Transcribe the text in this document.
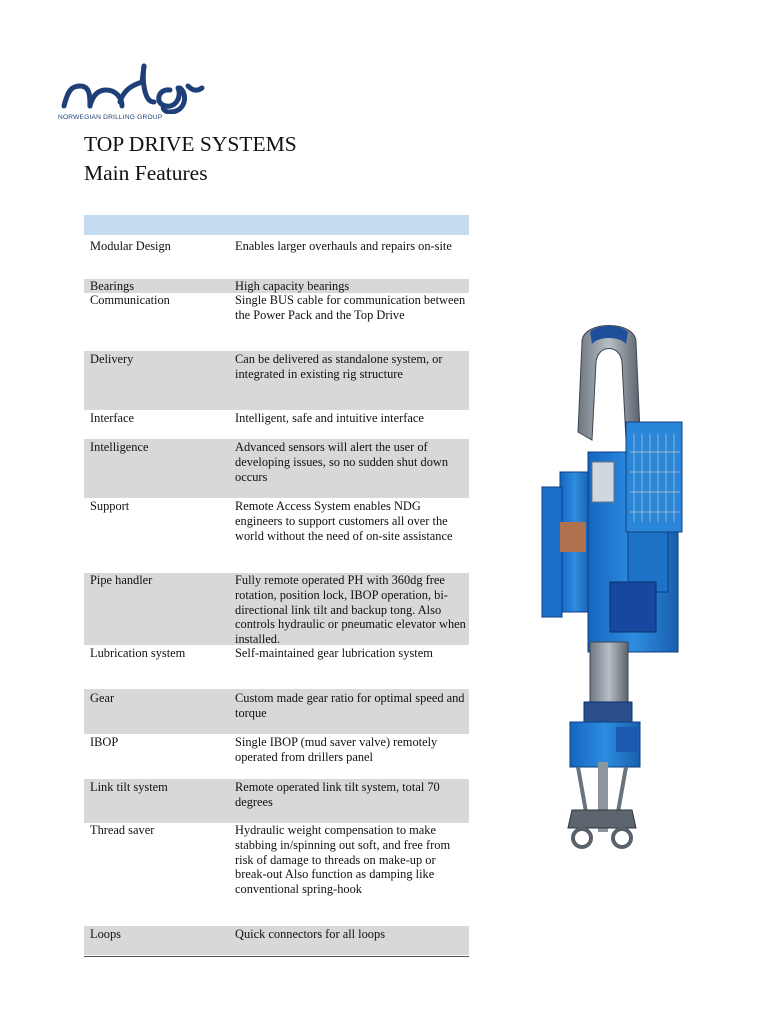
NORWEGIAN DRILLING GROUP
TOP DRIVE SYSTEMS
Main Features
Modular Design	Enables larger overhauls and repairs on-site
Bearings	High capacity bearings
Communication	Single BUS cable for communication between the Power Pack and the Top Drive
Delivery	Can be delivered as standalone system, or integrated in existing rig structure
Interface	Intelligent, safe and intuitive interface
Intelligence	Advanced sensors will alert the user of developing issues, so no sudden shut down occurs
Support	Remote Access System enables NDG engineers to support customers all over the world without the need of on-site assistance
Pipe handler	Fully remote operated PH with 360dg free rotation, position lock, IBOP operation, bi-directional link tilt and backup tong. Also controls hydraulic or pneumatic elevator when installed.
Lubrication system	Self-maintained gear lubrication system
Gear	Custom made gear ratio for optimal speed and torque
IBOP	Single IBOP (mud saver valve) remotely operated from drillers panel
Link tilt system	Remote operated link tilt system, total 70 degrees
Thread saver	Hydraulic weight compensation to make stabbing in/spinning out soft, and free from risk of damage to threads on make-up or break-out Also function as damping like conventional spring-hook
Loops	Quick connectors for all loops
